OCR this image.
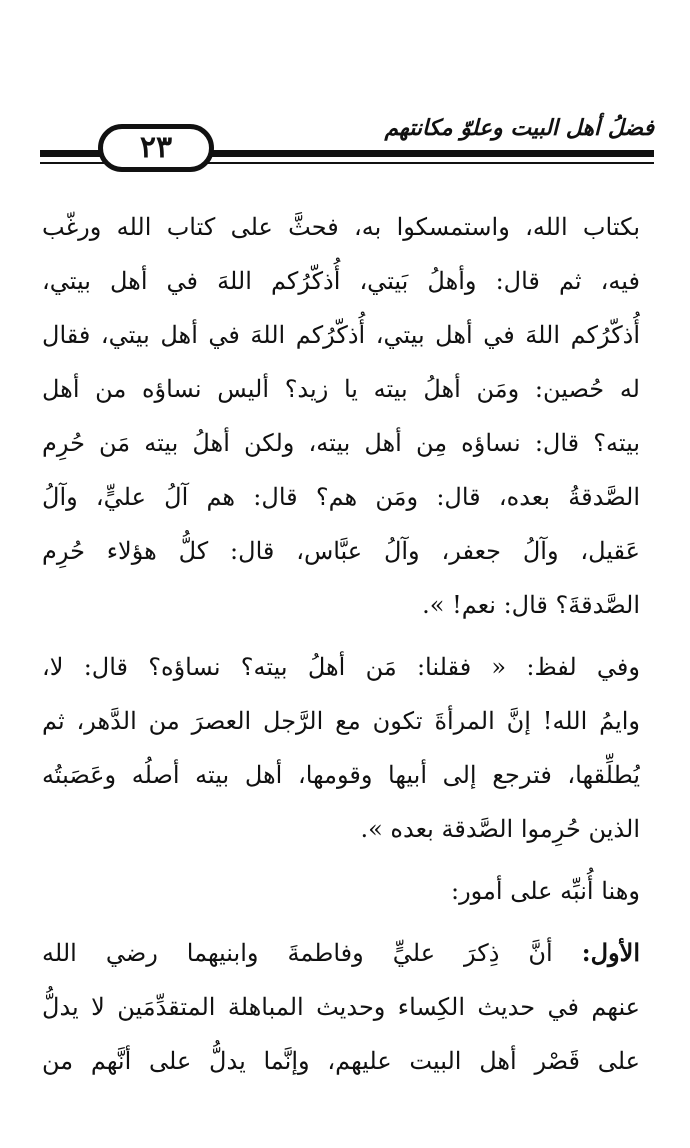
فضلُ أهل البيت وعلوّ مكانتهم
٢٣
بكتاب الله، واستمسكوا به، فحثَّ على كتاب الله ورغّب
فيه، ثم قال: وأهلُ بَيتي، أُذكّرُكم اللهَ في أهل بيتي،
أُذكّرُكم اللهَ في أهل بيتي، أُذكّرُكم اللهَ في أهل بيتي، فقال
له حُصين: ومَن أهلُ بيته يا زيد؟ أليس نساؤه من أهل
بيته؟ قال: نساؤه مِن أهل بيته، ولكن أهلُ بيته مَن حُرِم
الصَّدقةُ بعده، قال: ومَن هم؟ قال: هم آلُ عليٍّ، وآلُ
عَقيل، وآلُ جعفر، وآلُ عبَّاس، قال: كلُّ هؤلاء حُرِم
الصَّدقةَ؟ قال: نعم! ».
وفي لفظ: « فقلنا: مَن أهلُ بيته؟ نساؤه؟ قال: لا،
وايمُ الله! إنَّ المرأةَ تكون مع الرَّجل العصرَ من الدَّهر، ثم
يُطلِّقها، فترجع إلى أبيها وقومها، أهل بيته أصلُه وعَصَبتُه
الذين حُرِموا الصَّدقة بعده ».
وهنا أُنبِّه على أمور:
الأول: أنَّ ذِكرَ عليٍّ وفاطمةَ وابنيهما رضي الله
عنهم في حديث الكِساء وحديث المباهلة المتقدِّمَين لا يدلُّ
على قَصْر أهل البيت عليهم، وإنَّما يدلُّ على أنَّهم من
